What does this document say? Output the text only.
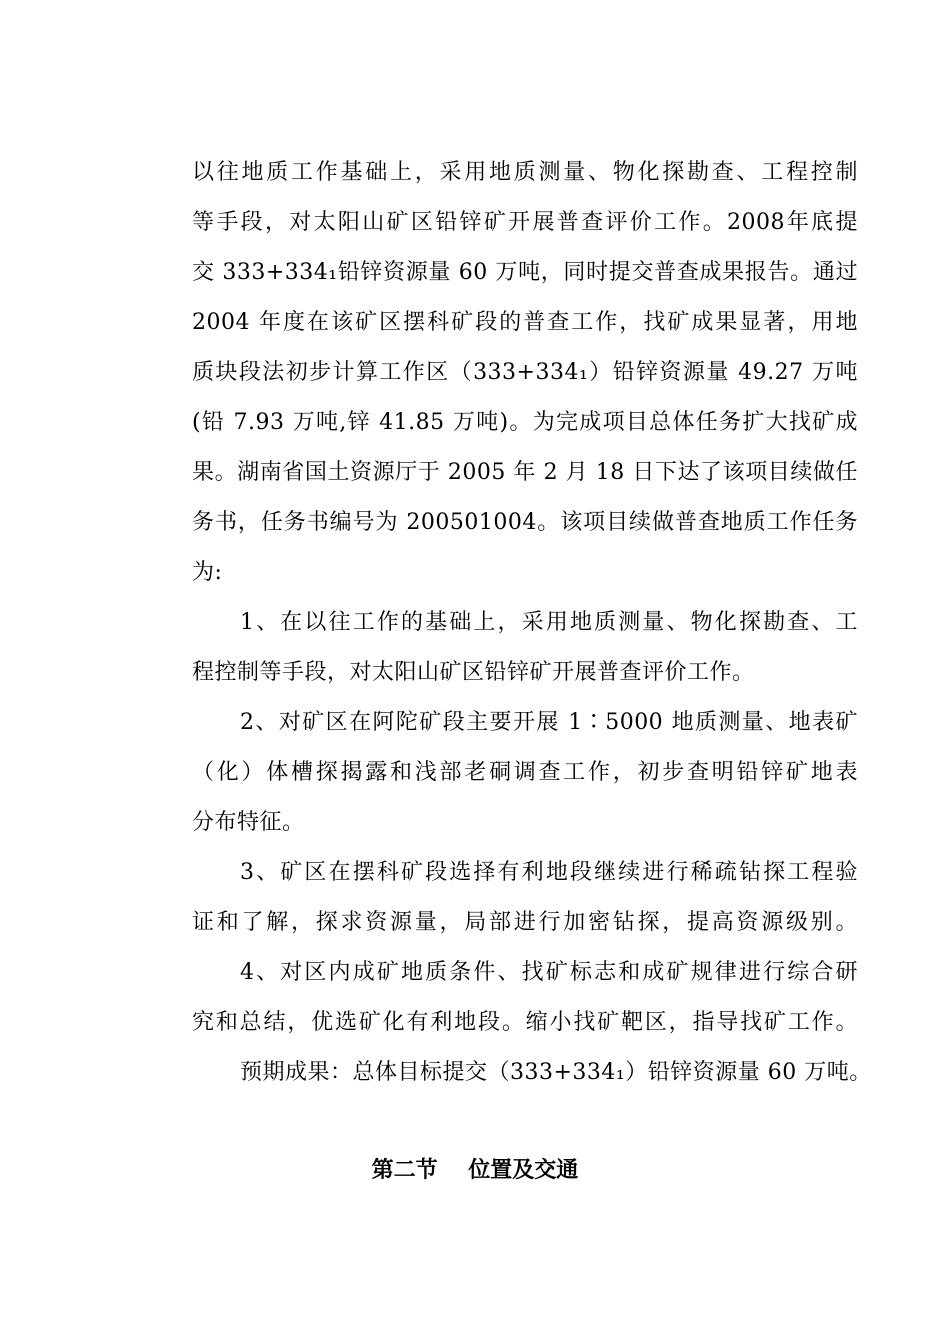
以往地质工作基础上，采用地质测量、物化探勘查、工程控制
等手段，对太阳山矿区铅锌矿开展普查评价工作。2008年底提
交 333+334₁铅锌资源量 60 万吨，同时提交普查成果报告。通过
2004 年度在该矿区摆科矿段的普查工作，找矿成果显著，用地
质块段法初步计算工作区（333+334₁）铅锌资源量 49.27 万吨
(铅 7.93 万吨,锌 41.85 万吨)。为完成项目总体任务扩大找矿成
果。湖南省国土资源厅于 2005 年 2 月 18 日下达了该项目续做任
务书，任务书编号为 200501004。该项目续做普查地质工作任务
为:
1、在以往工作的基础上，采用地质测量、物化探勘查、工
程控制等手段，对太阳山矿区铅锌矿开展普查评价工作。
2、对矿区在阿陀矿段主要开展 1∶5000 地质测量、地表矿
（化）体槽探揭露和浅部老硐调查工作，初步查明铅锌矿地表
分布特征。
3、矿区在摆科矿段选择有利地段继续进行稀疏钻探工程验
证和了解，探求资源量，局部进行加密钻探，提高资源级别。
4、对区内成矿地质条件、找矿标志和成矿规律进行综合研
究和总结，优选矿化有利地段。缩小找矿靶区，指导找矿工作。
预期成果：总体目标提交（333+334₁）铅锌资源量 60 万吨。
第二节    位置及交通
